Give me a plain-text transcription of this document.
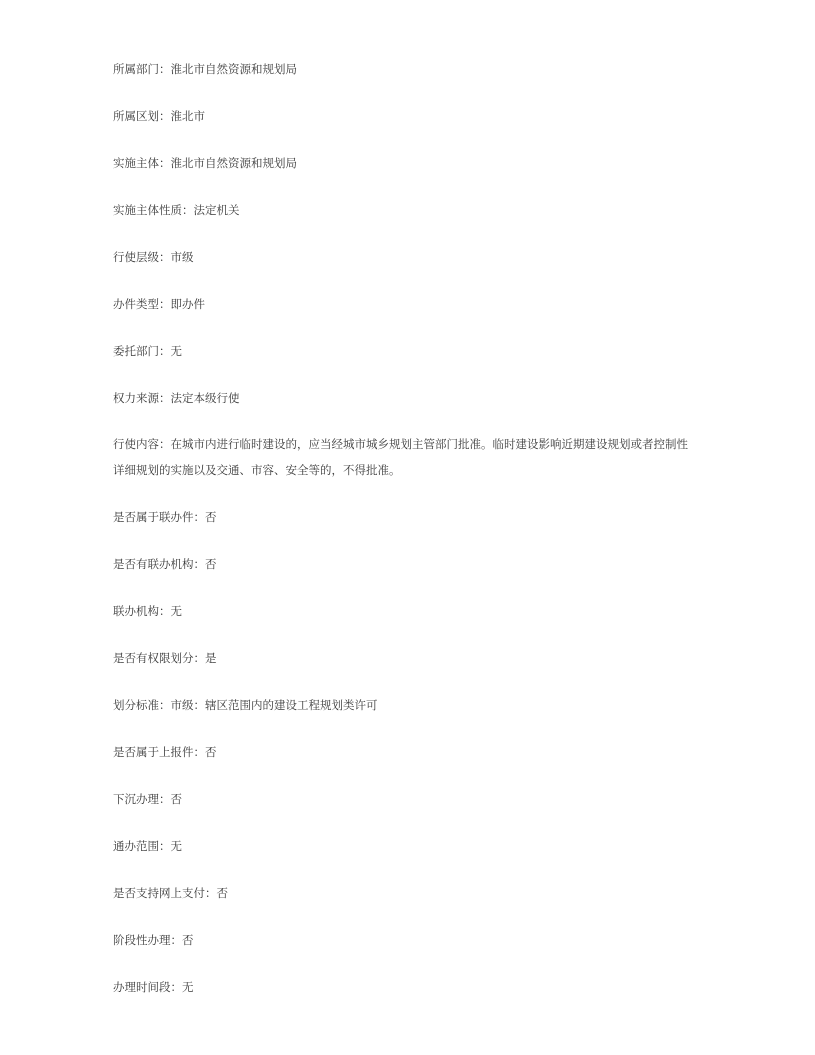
所属部门：淮北市自然资源和规划局
所属区划：淮北市
实施主体：淮北市自然资源和规划局
实施主体性质：法定机关
行使层级：市级
办件类型：即办件
委托部门：无
权力来源：法定本级行使
行使内容：在城市内进行临时建设的，应当经城市城乡规划主管部门批准。临时建设影响近期建设规划或者控制性详细规划的实施以及交通、市容、安全等的，不得批准。
是否属于联办件：否
是否有联办机构：否
联办机构：无
是否有权限划分：是
划分标准：市级：辖区范围内的建设工程规划类许可
是否属于上报件：否
下沉办理：否
通办范围：无
是否支持网上支付：否
阶段性办理：否
办理时间段：无
